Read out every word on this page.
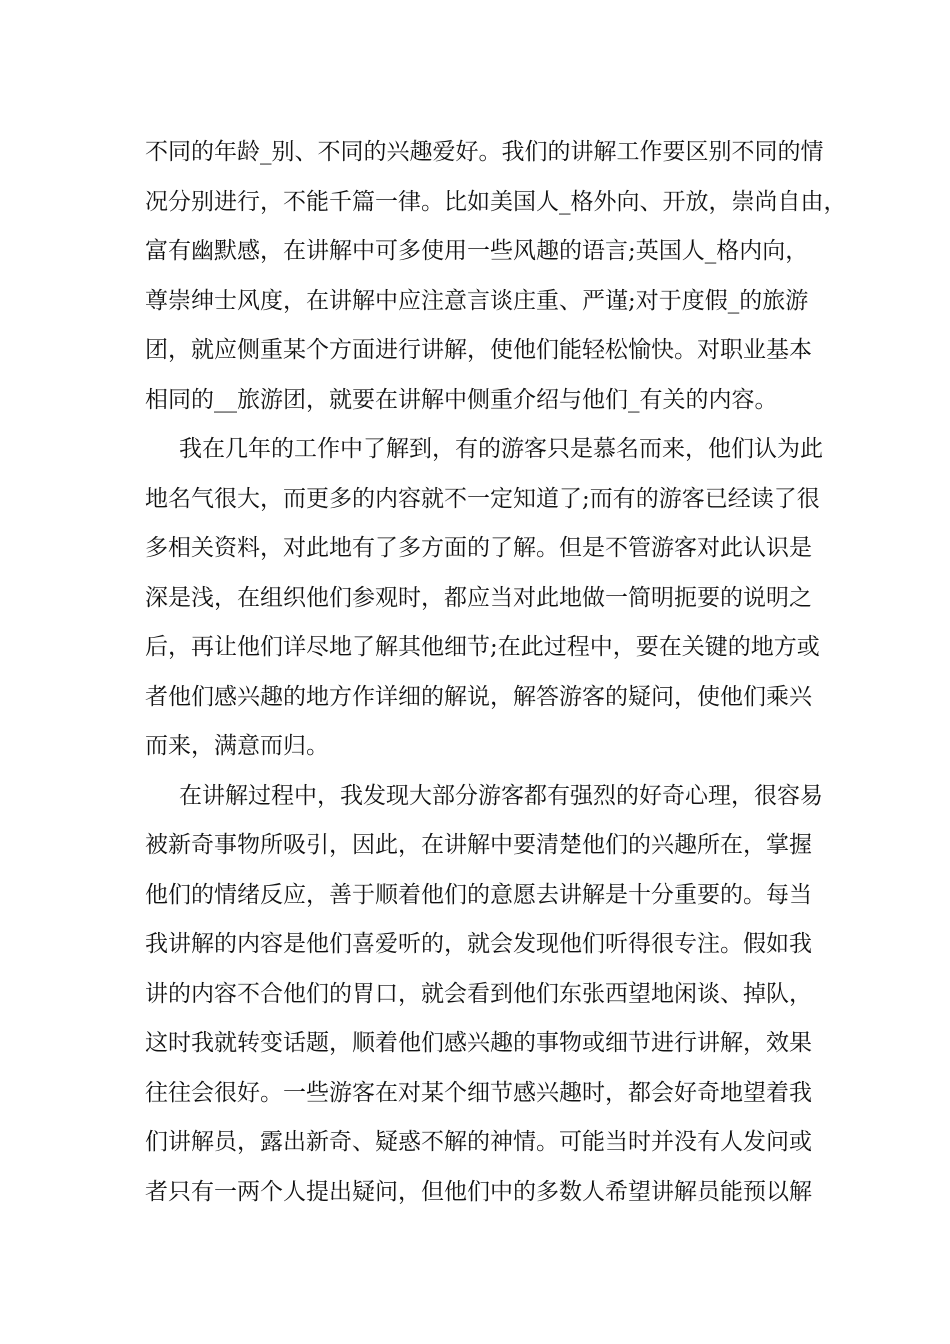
不同的年龄_别、不同的兴趣爱好。我们的讲解工作要区别不同的情
况分别进行，不能千篇一律。比如美国人_格外向、开放，崇尚自由，
富有幽默感，在讲解中可多使用一些风趣的语言;英国人_格内向，
尊崇绅士风度，在讲解中应注意言谈庄重、严谨;对于度假_的旅游
团，就应侧重某个方面进行讲解，使他们能轻松愉快。对职业基本
相同的__旅游团，就要在讲解中侧重介绍与他们_有关的内容。
我在几年的工作中了解到，有的游客只是慕名而来，他们认为此
地名气很大，而更多的内容就不一定知道了;而有的游客已经读了很
多相关资料，对此地有了多方面的了解。但是不管游客对此认识是
深是浅，在组织他们参观时，都应当对此地做一简明扼要的说明之
后，再让他们详尽地了解其他细节;在此过程中，要在关键的地方或
者他们感兴趣的地方作详细的解说，解答游客的疑问，使他们乘兴
而来，满意而归。
在讲解过程中，我发现大部分游客都有强烈的好奇心理，很容易
被新奇事物所吸引，因此，在讲解中要清楚他们的兴趣所在，掌握
他们的情绪反应，善于顺着他们的意愿去讲解是十分重要的。每当
我讲解的内容是他们喜爱听的，就会发现他们听得很专注。假如我
讲的内容不合他们的胃口，就会看到他们东张西望地闲谈、掉队，
这时我就转变话题，顺着他们感兴趣的事物或细节进行讲解，效果
往往会很好。一些游客在对某个细节感兴趣时，都会好奇地望着我
们讲解员，露出新奇、疑惑不解的神情。可能当时并没有人发问或
者只有一两个人提出疑问，但他们中的多数人希望讲解员能预以解
